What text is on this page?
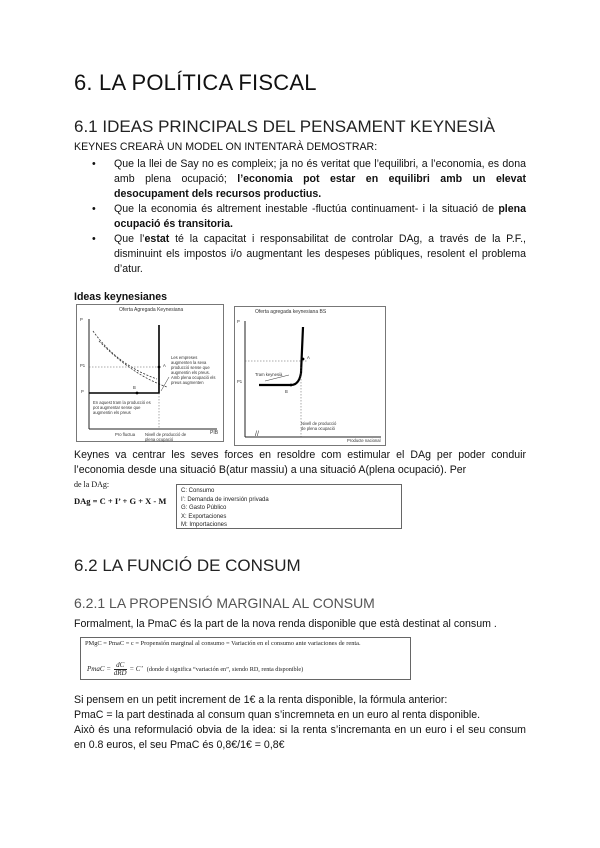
6. LA POLÍTICA FISCAL
6.1 IDEAS PRINCIPALS DEL PENSAMENT KEYNESIÀ
KEYNES CREARÀ UN MODEL ON INTENTARÀ DEMOSTRAR:
• Que la llei de Say no es compleix; ja no és veritat que l’equilibri, a l’economia, es dona amb plena ocupació; l’economia pot estar en equilibri amb un elevat desocupament dels recursos productius.
• Que la economia és altrement inestable -fluctúa continuament- i la situació de plena ocupació és transitoria.
• Que l’estat té la capacitat i responsabilitat de controlar DAg, a través de la P.F., disminuint els impostos i/o augmentant les despeses públiques, resolent el problema d’atur.
Ideas keynesianes
Oferta Agregada Keynesiana
P
P1
P
A
B
Les empreses augmenten la seva producció sense que augmentin els preus. Amb plena ocupació els preus augmenten
En aquest tram la producció es pot augmentar sense que augmentin els preus
Pro fluctua Nivell de producció de plena ocupació
PIB
Oferta agregada keynesiana BS
P
P1
A
B
Tram keynesià
Nivell de producció de plena ocupació
//
Producte nacional
Keynes va centrar les seves forces en resoldre com estimular el DAg per poder conduir l’economia desde una situació B(atur massiu) a una situació A(plena ocupació). Per
de la DAg:
DAg = C + I’ + G + X - M
C: Consumo
I’: Demanda de inversión privada
G: Gasto Público
X: Exportaciones
M: Importaciones
6.2 LA FUNCIÓ DE CONSUM
6.2.1 LA PROPENSIÓ MARGINAL AL CONSUM
Formalment, la PmaC és la part de la nova renda disponible que està destinat al consum .
PMgC = PmaC = c = Propensión marginal al consumo = Variación en el consumo ante variaciones de renta.
PmaC =
dC
dRD = C’ (donde d significa “variación en”, siendo RD, renta disponible)
Si pensem en un petit increment de 1€ a la renta disponible, la fórmula anterior:
PmaC = la part destinada al consum quan s’incremneta en un euro al renta disponible.
Això és una reformulació obvia de la idea: si la renta s’incremanta en un euro i el seu consum en 0.8 euros, el seu PmaC és 0,8€/1€ = 0,8€
